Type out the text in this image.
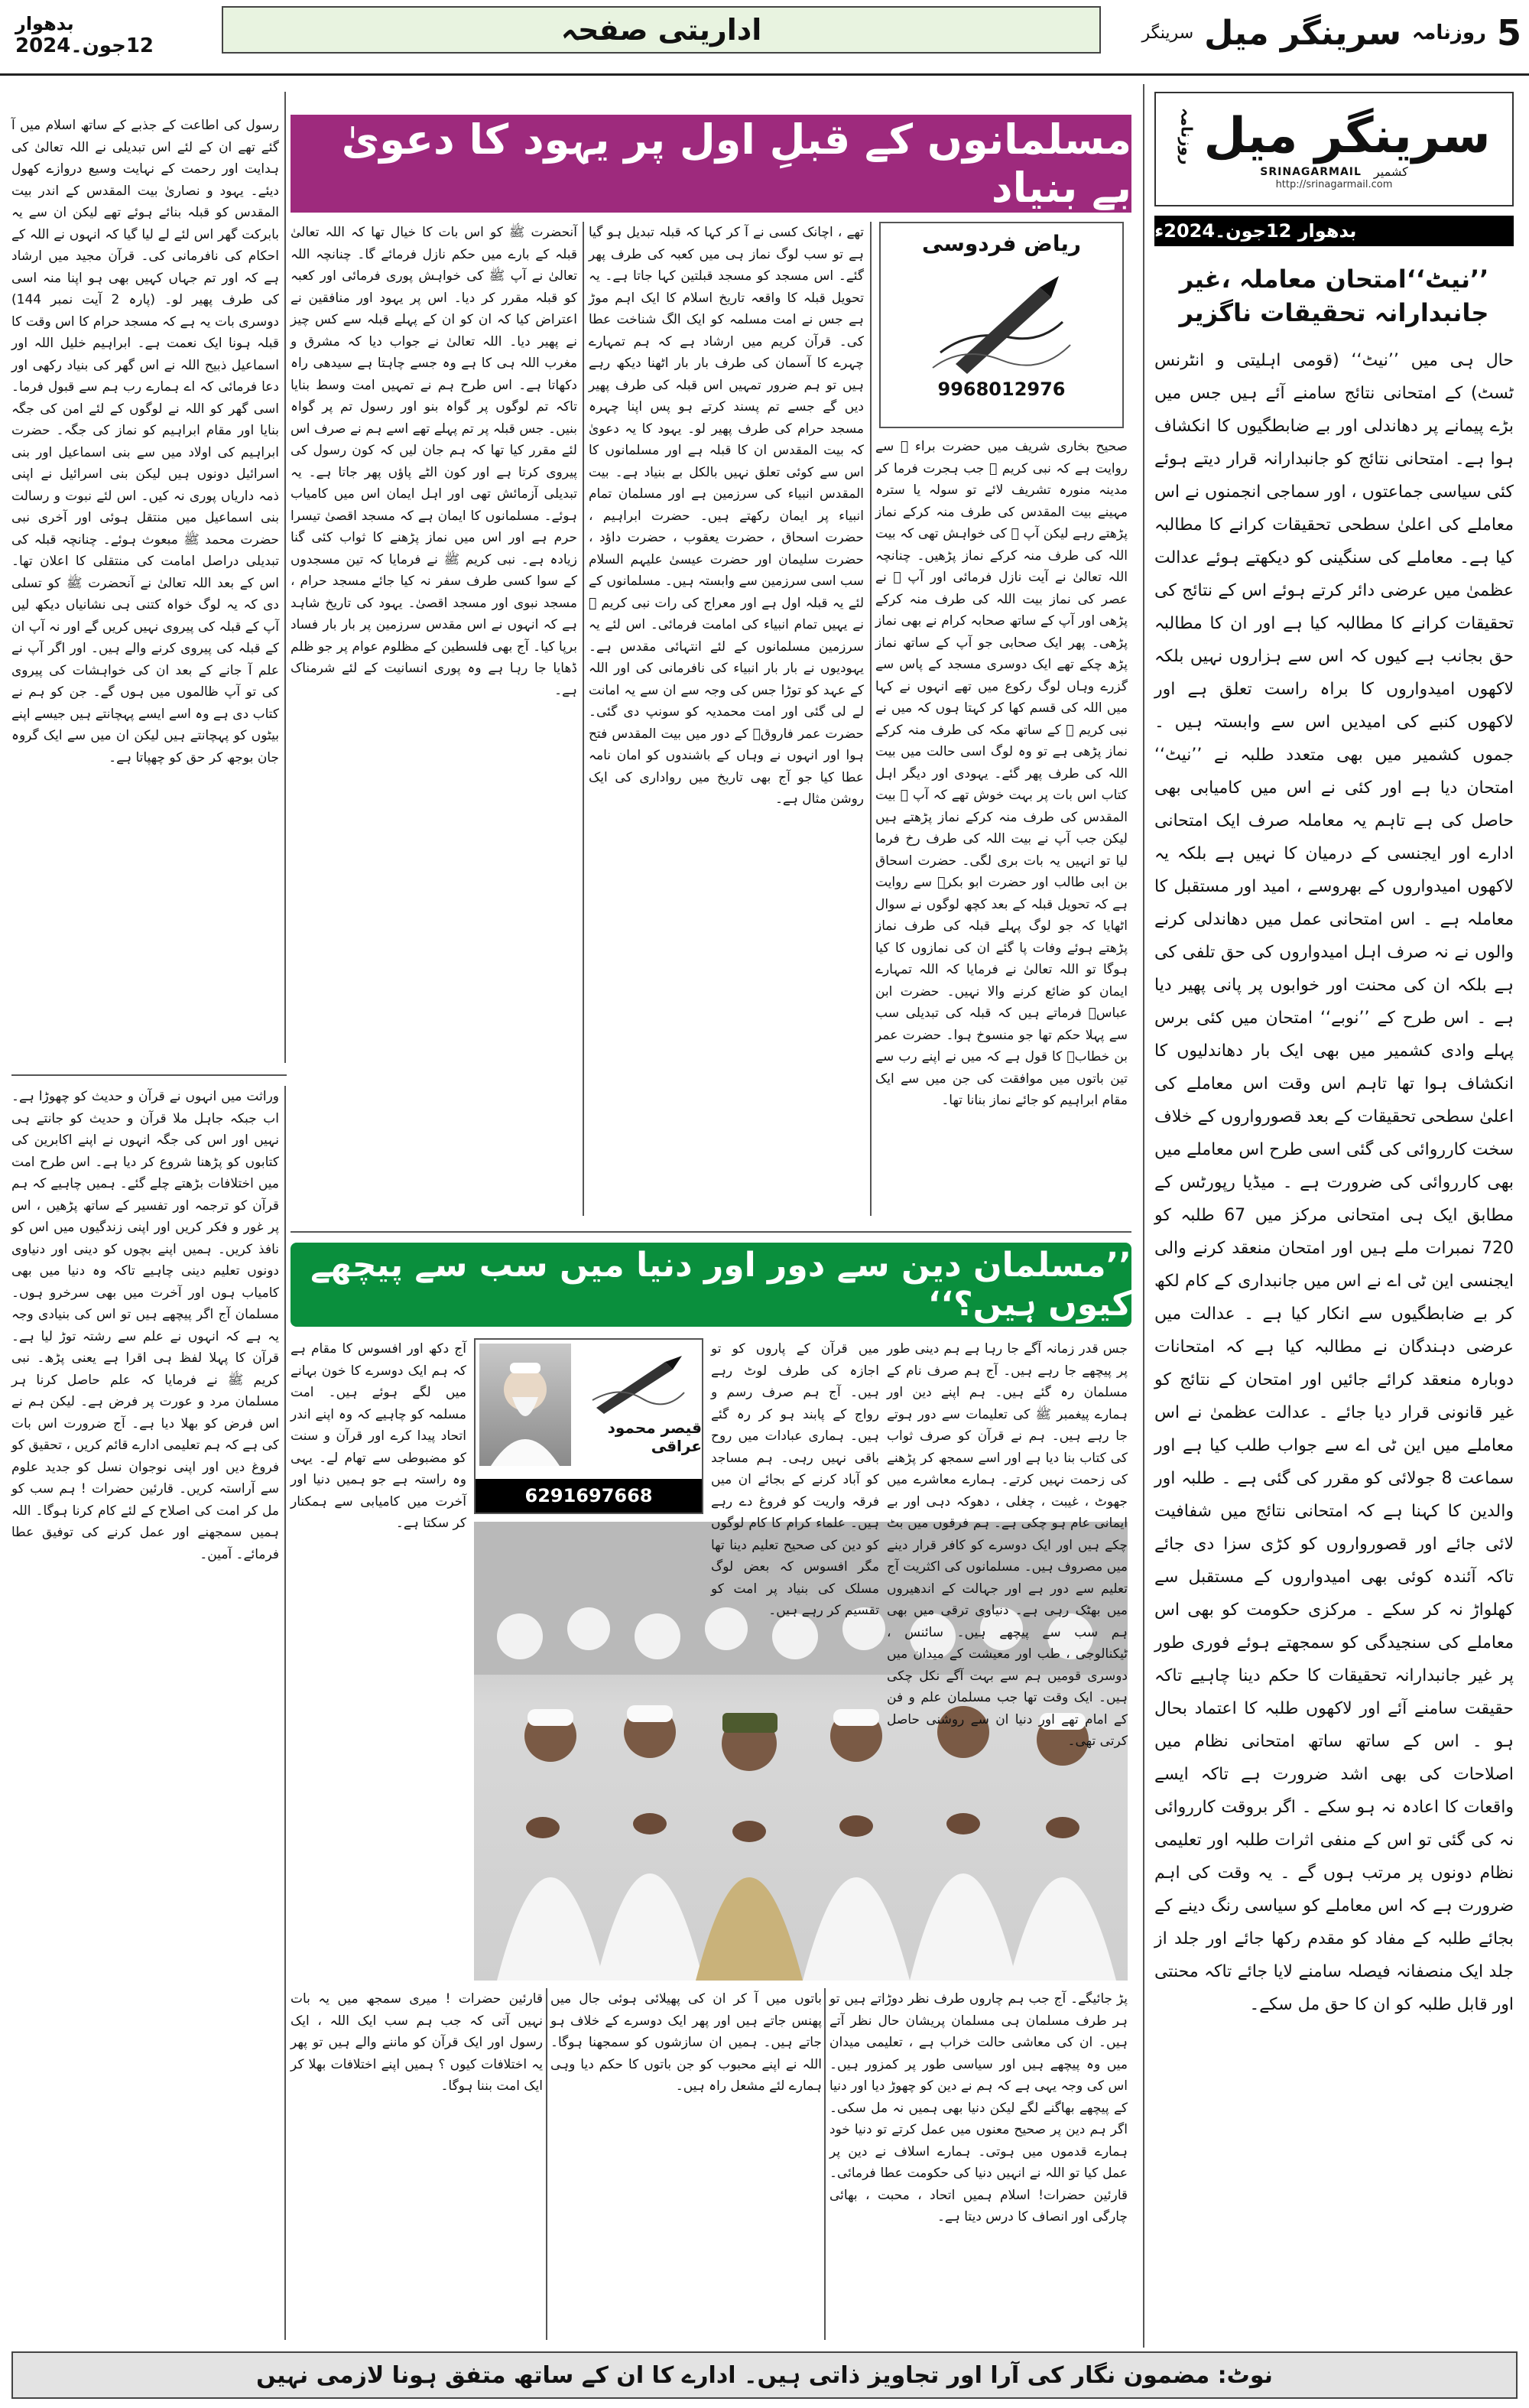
5
روزنامہ
سرینگر میل
سرینگر
اداریتی صفحہ
بدھوار
12جون۔2024
سرینگر میل
روزنامہ
SRINAGARMAIL کشمیر
http://srinagarmail.com
بدھوار 12جون۔2024ء
’’نیٹ‘‘امتحان معاملہ ،غیر جانبدارانہ تحقیقات ناگزیر
حال ہی میں ’’نیٹ‘‘ (قومی اہلیتی و انٹرنس ٹسٹ) کے امتحانی نتائج سامنے آئے ہیں جس میں بڑے پیمانے پر دھاندلی اور بے ضابطگیوں کا انکشاف ہوا ہے۔ امتحانی نتائج کو جانبدارانہ قرار دیتے ہوئے کئی سیاسی جماعتوں ، اور سماجی انجمنوں نے اس معاملے کی اعلیٰ سطحی تحقیقات کرانے کا مطالبہ کیا ہے۔ معاملے کی سنگینی کو دیکھتے ہوئے عدالت عظمیٰ میں عرضی دائر کرتے ہوئے اس کے نتائج کی تحقیقات کرانے کا مطالبہ کیا ہے اور ان کا مطالبہ حق بجانب ہے کیوں کہ اس سے ہزاروں نہیں بلکہ لاکھوں امیدواروں کا براہ راست تعلق ہے اور لاکھوں کنبے کی امیدیں اس سے وابستہ ہیں ۔ جموں کشمیر میں بھی متعدد طلبہ نے ’’نیٹ‘‘ امتحان دیا ہے اور کئی نے اس میں کامیابی بھی حاصل کی ہے تاہم یہ معاملہ صرف ایک امتحانی ادارے اور ایجنسی کے درمیان کا نہیں ہے بلکہ یہ لاکھوں امیدواروں کے بھروسے ، امید اور مستقبل کا معاملہ ہے ۔ اس امتحانی عمل میں دھاندلی کرنے والوں نے نہ صرف اہل امیدواروں کی حق تلفی کی ہے بلکہ ان کی محنت اور خوابوں پر پانی پھیر دیا ہے ۔ اس طرح کے ’’نوبے‘‘ امتحان میں کئی برس پہلے وادی کشمیر میں بھی ایک بار دھاندلیوں کا انکشاف ہوا تھا تاہم اس وقت اس معاملے کی اعلیٰ سطحی تحقیقات کے بعد قصورواروں کے خلاف سخت کارروائی کی گئی اسی طرح اس معاملے میں بھی کارروائی کی ضرورت ہے ۔ میڈیا رپورٹس کے مطابق ایک ہی امتحانی مرکز میں 67 طلبہ کو 720 نمبرات ملے ہیں اور امتحان منعقد کرنے والی ایجنسی این ٹی اے نے اس میں جانبداری کے کام لکھ کر بے ضابطگیوں سے انکار کیا ہے ۔ عدالت میں عرضی دہندگان نے مطالبہ کیا ہے کہ امتحانات دوبارہ منعقد کرائے جائیں اور امتحان کے نتائج کو غیر قانونی قرار دیا جائے ۔ عدالت عظمیٰ نے اس معاملے میں این ٹی اے سے جواب طلب کیا ہے اور سماعت 8 جولائی کو مقرر کی گئی ہے ۔ طلبہ اور والدین کا کہنا ہے کہ امتحانی نتائج میں شفافیت لائی جائے اور قصورواروں کو کڑی سزا دی جائے تاکہ آئندہ کوئی بھی امیدواروں کے مستقبل سے کھلواڑ نہ کر سکے ۔ مرکزی حکومت کو بھی اس معاملے کی سنجیدگی کو سمجھتے ہوئے فوری طور پر غیر جانبدارانہ تحقیقات کا حکم دینا چاہیے تاکہ حقیقت سامنے آئے اور لاکھوں طلبہ کا اعتماد بحال ہو ۔ اس کے ساتھ ساتھ امتحانی نظام میں اصلاحات کی بھی اشد ضرورت ہے تاکہ ایسے واقعات کا اعادہ نہ ہو سکے ۔ اگر بروقت کارروائی نہ کی گئی تو اس کے منفی اثرات طلبہ اور تعلیمی نظام دونوں پر مرتب ہوں گے ۔ یہ وقت کی اہم ضرورت ہے کہ اس معاملے کو سیاسی رنگ دینے کے بجائے طلبہ کے مفاد کو مقدم رکھا جائے اور جلد از جلد ایک منصفانہ فیصلہ سامنے لایا جائے تاکہ محنتی اور قابل طلبہ کو ان کا حق مل سکے۔
مسلمانوں کے قبلِ اول پر یہود کا دعویٰ بے بنیاد
ریاض فردوسی
9968012976
صحیح بخاری شریف میں حضرت براء ؓ سے روایت ہے کہ نبی کریم ﷺ جب ہجرت فرما کر مدینہ منورہ تشریف لائے تو سولہ یا سترہ مہینے بیت المقدس کی طرف منہ کرکے نماز پڑھتے رہے لیکن آپ ﷺ کی خواہش تھی کہ بیت اللہ کی طرف منہ کرکے نماز پڑھیں۔ چنانچہ اللہ تعالیٰ نے آیت نازل فرمائی اور آپ ﷺ نے عصر کی نماز بیت اللہ کی طرف منہ کرکے پڑھی اور آپ کے ساتھ صحابہ کرام نے بھی نماز پڑھی۔ پھر ایک صحابی جو آپ کے ساتھ نماز پڑھ چکے تھے ایک دوسری مسجد کے پاس سے گزرے وہاں لوگ رکوع میں تھے انہوں نے کہا میں اللہ کی قسم کھا کر کہتا ہوں کہ میں نے نبی کریم ﷺ کے ساتھ مکہ کی طرف منہ کرکے نماز پڑھی ہے تو وہ لوگ اسی حالت میں بیت اللہ کی طرف پھر گئے۔ یہودی اور دیگر اہل کتاب اس بات پر بہت خوش تھے کہ آپ ﷺ بیت المقدس کی طرف منہ کرکے نماز پڑھتے ہیں لیکن جب آپ نے بیت اللہ کی طرف رخ فرما لیا تو انہیں یہ بات بری لگی۔ حضرت اسحاق بن ابی طالب اور حضرت ابو بکرؓ سے روایت ہے کہ تحویل قبلہ کے بعد کچھ لوگوں نے سوال اٹھایا کہ جو لوگ پہلے قبلہ کی طرف نماز پڑھتے ہوئے وفات پا گئے ان کی نمازوں کا کیا ہوگا تو اللہ تعالیٰ نے فرمایا کہ اللہ تمہارے ایمان کو ضائع کرنے والا نہیں۔ حضرت ابن عباسؓ فرماتے ہیں کہ قبلہ کی تبدیلی سب سے پہلا حکم تھا جو منسوخ ہوا۔ حضرت عمر بن خطابؓ کا قول ہے کہ میں نے اپنے رب سے تین باتوں میں موافقت کی جن میں سے ایک مقام ابراہیم کو جائے نماز بنانا تھا۔
تھے ، اچانک کسی نے آ کر کہا کہ قبلہ تبدیل ہو گیا ہے تو سب لوگ نماز ہی میں کعبہ کی طرف پھر گئے۔ اس مسجد کو مسجد قبلتین کہا جاتا ہے۔ یہ تحویل قبلہ کا واقعہ تاریخ اسلام کا ایک اہم موڑ ہے جس نے امت مسلمہ کو ایک الگ شناخت عطا کی۔ قرآن کریم میں ارشاد ہے کہ ہم تمہارے چہرے کا آسمان کی طرف بار بار اٹھنا دیکھ رہے ہیں تو ہم ضرور تمہیں اس قبلہ کی طرف پھیر دیں گے جسے تم پسند کرتے ہو پس اپنا چہرہ مسجد حرام کی طرف پھیر لو۔ یہود کا یہ دعویٰ کہ بیت المقدس ان کا قبلہ ہے اور مسلمانوں کا اس سے کوئی تعلق نہیں بالکل بے بنیاد ہے۔ بیت المقدس انبیاء کی سرزمین ہے اور مسلمان تمام انبیاء پر ایمان رکھتے ہیں۔ حضرت ابراہیم ، حضرت اسحاق ، حضرت یعقوب ، حضرت داؤد ، حضرت سلیمان اور حضرت عیسیٰ علیہم السلام سب اسی سرزمین سے وابستہ ہیں۔ مسلمانوں کے لئے یہ قبلہ اول ہے اور معراج کی رات نبی کریم ﷺ نے یہیں تمام انبیاء کی امامت فرمائی۔ اس لئے یہ سرزمین مسلمانوں کے لئے انتہائی مقدس ہے۔ یہودیوں نے بار بار انبیاء کی نافرمانی کی اور اللہ کے عہد کو توڑا جس کی وجہ سے ان سے یہ امانت لے لی گئی اور امت محمدیہ کو سونپ دی گئی۔ حضرت عمر فاروقؓ کے دور میں بیت المقدس فتح ہوا اور انہوں نے وہاں کے باشندوں کو امان نامہ عطا کیا جو آج بھی تاریخ میں رواداری کی ایک روشن مثال ہے۔
آنحضرت ﷺ کو اس بات کا خیال تھا کہ اللہ تعالیٰ قبلہ کے بارے میں حکم نازل فرمائے گا۔ چنانچہ اللہ تعالیٰ نے آپ ﷺ کی خواہش پوری فرمائی اور کعبہ کو قبلہ مقرر کر دیا۔ اس پر یہود اور منافقین نے اعتراض کیا کہ ان کو ان کے پہلے قبلہ سے کس چیز نے پھیر دیا۔ اللہ تعالیٰ نے جواب دیا کہ مشرق و مغرب اللہ ہی کا ہے وہ جسے چاہتا ہے سیدھی راہ دکھاتا ہے۔ اس طرح ہم نے تمہیں امت وسط بنایا تاکہ تم لوگوں پر گواہ بنو اور رسول تم پر گواہ بنیں۔ جس قبلہ پر تم پہلے تھے اسے ہم نے صرف اس لئے مقرر کیا تھا کہ ہم جان لیں کہ کون رسول کی پیروی کرتا ہے اور کون الٹے پاؤں پھر جاتا ہے۔ یہ تبدیلی آزمائش تھی اور اہل ایمان اس میں کامیاب ہوئے۔ مسلمانوں کا ایمان ہے کہ مسجد اقصیٰ تیسرا حرم ہے اور اس میں نماز پڑھنے کا ثواب کئی گنا زیادہ ہے۔ نبی کریم ﷺ نے فرمایا کہ تین مسجدوں کے سوا کسی طرف سفر نہ کیا جائے مسجد حرام ، مسجد نبوی اور مسجد اقصیٰ۔ یہود کی تاریخ شاہد ہے کہ انہوں نے اس مقدس سرزمین پر بار بار فساد برپا کیا۔ آج بھی فلسطین کے مظلوم عوام پر جو ظلم ڈھایا جا رہا ہے وہ پوری انسانیت کے لئے شرمناک ہے۔
رسول کی اطاعت کے جذبے کے ساتھ اسلام میں آ گئے تھے ان کے لئے اس تبدیلی نے اللہ تعالیٰ کی ہدایت اور رحمت کے نہایت وسیع دروازے کھول دیئے۔ یہود و نصاریٰ بیت المقدس کے اندر بیت المقدس کو قبلہ بنائے ہوئے تھے لیکن ان سے یہ بابرکت گھر اس لئے لے لیا گیا کہ انہوں نے اللہ کے احکام کی نافرمانی کی۔ قرآن مجید میں ارشاد ہے کہ اور تم جہاں کہیں بھی ہو اپنا منہ اسی کی طرف پھیر لو۔ (پارہ 2 آیت نمبر 144) دوسری بات یہ ہے کہ مسجد حرام کا اس وقت کا قبلہ ہونا ایک نعمت ہے۔ ابراہیم خلیل اللہ اور اسماعیل ذبیح اللہ نے اس گھر کی بنیاد رکھی اور دعا فرمائی کہ اے ہمارے رب ہم سے قبول فرما۔ اسی گھر کو اللہ نے لوگوں کے لئے امن کی جگہ بنایا اور مقام ابراہیم کو نماز کی جگہ۔ حضرت ابراہیم کی اولاد میں سے بنی اسماعیل اور بنی اسرائیل دونوں ہیں لیکن بنی اسرائیل نے اپنی ذمہ داریاں پوری نہ کیں۔ اس لئے نبوت و رسالت بنی اسماعیل میں منتقل ہوئی اور آخری نبی حضرت محمد ﷺ مبعوث ہوئے۔ چنانچہ قبلہ کی تبدیلی دراصل امامت کی منتقلی کا اعلان تھا۔ اس کے بعد اللہ تعالیٰ نے آنحضرت ﷺ کو تسلی دی کہ یہ لوگ خواہ کتنی ہی نشانیاں دیکھ لیں آپ کے قبلہ کی پیروی نہیں کریں گے اور نہ آپ ان کے قبلہ کی پیروی کرنے والے ہیں۔ اور اگر آپ نے علم آ جانے کے بعد ان کی خواہشات کی پیروی کی تو آپ ظالموں میں ہوں گے۔ جن کو ہم نے کتاب دی ہے وہ اسے ایسے پہچانتے ہیں جیسے اپنے بیٹوں کو پہچانتے ہیں لیکن ان میں سے ایک گروہ جان بوجھ کر حق کو چھپاتا ہے۔
’’مسلمان دین سے دور اور دنیا میں سب سے پیچھے کیوں ہیں؟‘‘
قیصر محمود عراقی
6291697668
جس قدر زمانہ آگے جا رہا ہے ہم دینی طور پر پیچھے جا رہے ہیں۔ آج ہم صرف نام کے مسلمان رہ گئے ہیں۔ ہم اپنے دین اور ہمارے پیغمبر ﷺ کی تعلیمات سے دور ہوتے جا رہے ہیں۔ ہم نے قرآن کو صرف ثواب کی کتاب بنا دیا ہے اور اسے سمجھ کر پڑھنے کی زحمت نہیں کرتے۔ ہمارے معاشرے میں جھوٹ ، غیبت ، چغلی ، دھوکہ دہی اور بے ایمانی عام ہو چکی ہے۔ ہم فرقوں میں بٹ چکے ہیں اور ایک دوسرے کو کافر قرار دینے میں مصروف ہیں۔ مسلمانوں کی اکثریت آج تعلیم سے دور ہے اور جہالت کے اندھیروں میں بھٹک رہی ہے۔ دنیاوی ترقی میں بھی ہم سب سے پیچھے ہیں۔ سائنس ، ٹیکنالوجی ، طب اور معیشت کے میدان میں دوسری قومیں ہم سے بہت آگے نکل چکی ہیں۔ ایک وقت تھا جب مسلمان علم و فن کے امام تھے اور دنیا ان سے روشنی حاصل کرتی تھی۔
میں قرآن کے پاروں کو تو اجازہ کی طرف لوٹ رہے ہیں۔ آج ہم صرف رسم و رواج کے پابند ہو کر رہ گئے ہیں۔ ہماری عبادات میں روح باقی نہیں رہی۔ ہم مساجد کو آباد کرنے کے بجائے ان میں فرقہ واریت کو فروغ دے رہے ہیں۔ علماء کرام کا کام لوگوں کو دین کی صحیح تعلیم دینا تھا مگر افسوس کہ بعض لوگ مسلک کی بنیاد پر امت کو تقسیم کر رہے ہیں۔
آج دکھ اور افسوس کا مقام ہے کہ ہم ایک دوسرے کا خون بہانے میں لگے ہوئے ہیں۔ امت مسلمہ کو چاہیے کہ وہ اپنے اندر اتحاد پیدا کرے اور قرآن و سنت کو مضبوطی سے تھام لے۔ یہی وہ راستہ ہے جو ہمیں دنیا اور آخرت میں کامیابی سے ہمکنار کر سکتا ہے۔
وراثت میں انہوں نے قرآن و حدیث کو چھوڑا ہے۔ اب جبکہ جاہل ملا قرآن و حدیث کو جانتے ہی نہیں اور اس کی جگہ انہوں نے اپنے اکابرین کی کتابوں کو پڑھنا شروع کر دیا ہے۔ اس طرح امت میں اختلافات بڑھتے چلے گئے۔ ہمیں چاہیے کہ ہم قرآن کو ترجمہ اور تفسیر کے ساتھ پڑھیں ، اس پر غور و فکر کریں اور اپنی زندگیوں میں اس کو نافذ کریں۔ ہمیں اپنے بچوں کو دینی اور دنیاوی دونوں تعلیم دینی چاہیے تاکہ وہ دنیا میں بھی کامیاب ہوں اور آخرت میں بھی سرخرو ہوں۔ مسلمان آج اگر پیچھے ہیں تو اس کی بنیادی وجہ یہ ہے کہ انہوں نے علم سے رشتہ توڑ لیا ہے۔ قرآن کا پہلا لفظ ہی اقرا ہے یعنی پڑھ۔ نبی کریم ﷺ نے فرمایا کہ علم حاصل کرنا ہر مسلمان مرد و عورت پر فرض ہے۔ لیکن ہم نے اس فرض کو بھلا دیا ہے۔ آج ضرورت اس بات کی ہے کہ ہم تعلیمی ادارے قائم کریں ، تحقیق کو فروغ دیں اور اپنی نوجوان نسل کو جدید علوم سے آراستہ کریں۔ قارئین حضرات ! ہم سب کو مل کر امت کی اصلاح کے لئے کام کرنا ہوگا۔ اللہ ہمیں سمجھنے اور عمل کرنے کی توفیق عطا فرمائے۔ آمین۔
پڑ جائیگے۔ آج جب ہم چاروں طرف نظر دوڑاتے ہیں تو ہر طرف مسلمان ہی مسلمان پریشان حال نظر آتے ہیں۔ ان کی معاشی حالت خراب ہے ، تعلیمی میدان میں وہ پیچھے ہیں اور سیاسی طور پر کمزور ہیں۔ اس کی وجہ یہی ہے کہ ہم نے دین کو چھوڑ دیا اور دنیا کے پیچھے بھاگنے لگے لیکن دنیا بھی ہمیں نہ مل سکی۔ اگر ہم دین پر صحیح معنوں میں عمل کرتے تو دنیا خود ہمارے قدموں میں ہوتی۔ ہمارے اسلاف نے دین پر عمل کیا تو اللہ نے انہیں دنیا کی حکومت عطا فرمائی۔ قارئین حضرات! اسلام ہمیں اتحاد ، محبت ، بھائی چارگی اور انصاف کا درس دیتا ہے۔
باتوں میں آ کر ان کی پھیلائی ہوئی جال میں پھنس جاتے ہیں اور پھر ایک دوسرے کے خلاف ہو جاتے ہیں۔ ہمیں ان سازشوں کو سمجھنا ہوگا۔ اللہ نے اپنے محبوب کو جن باتوں کا حکم دیا وہی ہمارے لئے مشعل راہ ہیں۔
قارئین حضرات ! میری سمجھ میں یہ بات نہیں آتی کہ جب ہم سب ایک اللہ ، ایک رسول اور ایک قرآن کو ماننے والے ہیں تو پھر یہ اختلافات کیوں ؟ ہمیں اپنے اختلافات بھلا کر ایک امت بننا ہوگا۔
نوٹ: مضمون نگار کی آرا اور تجاویز ذاتی ہیں۔ ادارے کا ان کے ساتھ متفق ہونا لازمی نہیں
